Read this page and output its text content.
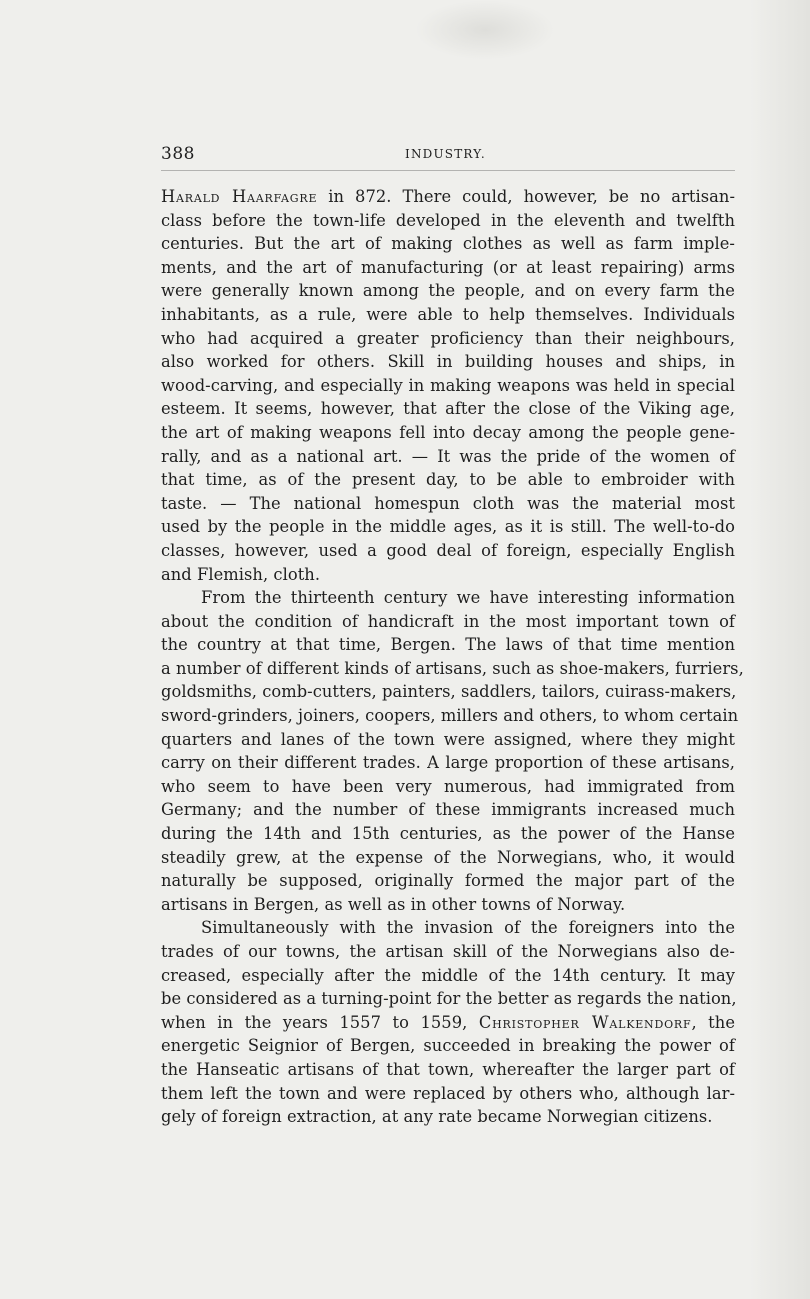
388	INDUSTRY.
Harald Haarfagre in 872. There could, however, be no artisan-
class before the town-life developed in the eleventh and twelfth
centuries. But the art of making clothes as well as farm imple-
ments, and the art of manufacturing (or at least repairing) arms
were generally known among the people, and on every farm the
inhabitants, as a rule, were able to help themselves. Individuals
who had acquired a greater proficiency than their neighbours,
also worked for others. Skill in building houses and ships, in
wood-carving, and especially in making weapons was held in special
esteem. It seems, however, that after the close of the Viking age,
the art of making weapons fell into decay among the people gene-
rally, and as a national art. — It was the pride of the women of
that time, as of the present day, to be able to embroider with
taste. — The national homespun cloth was the material most
used by the people in the middle ages, as it is still. The well-to-do
classes, however, used a good deal of foreign, especially English
and Flemish, cloth.
From the thirteenth century we have interesting information
about the condition of handicraft in the most important town of
the country at that time, Bergen. The laws of that time mention
a number of different kinds of artisans, such as shoe-makers, furriers,
goldsmiths, comb-cutters, painters, saddlers, tailors, cuirass-makers,
sword-grinders, joiners, coopers, millers and others, to whom certain
quarters and lanes of the town were assigned, where they might
carry on their different trades. A large proportion of these artisans,
who seem to have been very numerous, had immigrated from
Germany; and the number of these immigrants increased much
during the 14th and 15th centuries, as the power of the Hanse
steadily grew, at the expense of the Norwegians, who, it would
naturally be supposed, originally formed the major part of the
artisans in Bergen, as well as in other towns of Norway.
Simultaneously with the invasion of the foreigners into the
trades of our towns, the artisan skill of the Norwegians also de-
creased, especially after the middle of the 14th century. It may
be considered as a turning-point for the better as regards the nation,
when in the years 1557 to 1559, Christopher Walkendorf, the
energetic Seignior of Bergen, succeeded in breaking the power of
the Hanseatic artisans of that town, whereafter the larger part of
them left the town and were replaced by others who, although lar-
gely of foreign extraction, at any rate became Norwegian citizens.
